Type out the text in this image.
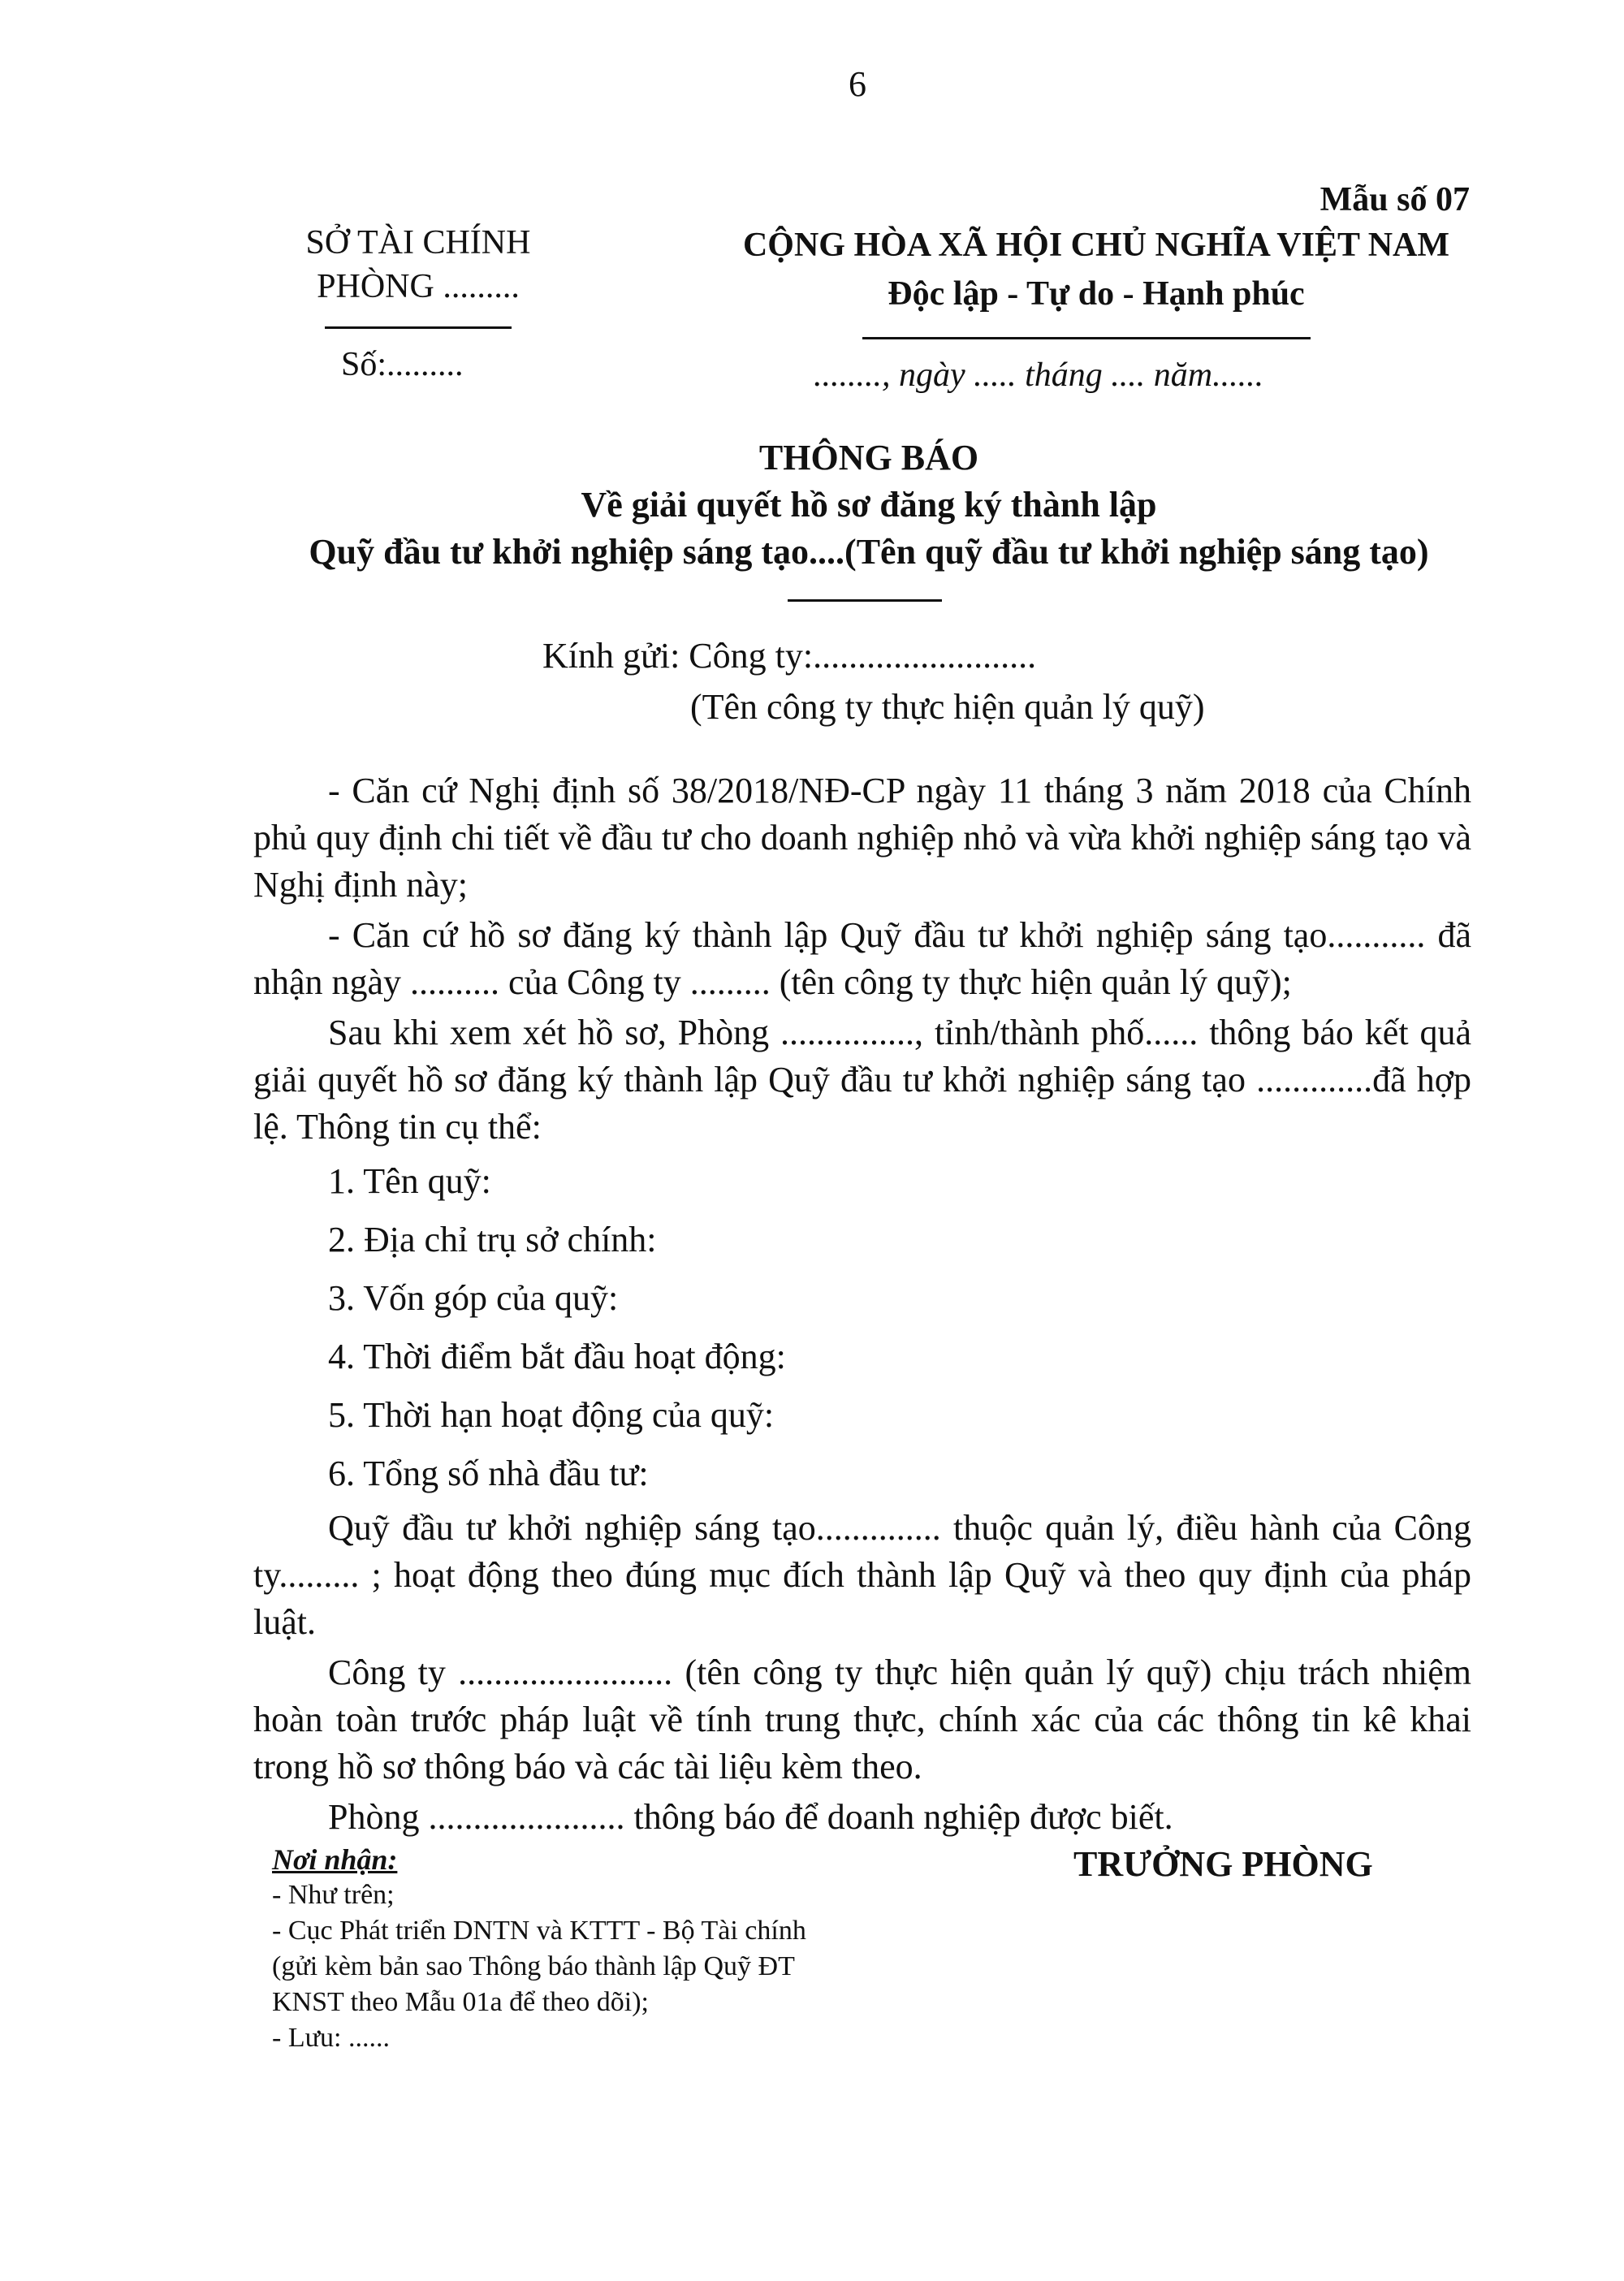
6
Mẫu số 07
SỞ TÀI CHÍNH
PHÒNG .........
Số:.........
CỘNG HÒA XÃ HỘI CHỦ NGHĨA VIỆT NAM
Độc lập - Tự do - Hạnh phúc
........, ngày ..... tháng .... năm......
THÔNG BÁO
Về giải quyết hồ sơ đăng ký thành lập
Quỹ đầu tư khởi nghiệp sáng tạo....(Tên quỹ đầu tư khởi nghiệp sáng tạo)
Kính gửi: Công ty:.........................
(Tên công ty thực hiện quản lý quỹ)

- Căn cứ Nghị định số 38/2018/NĐ-CP ngày 11 tháng 3 năm 2018 của Chính phủ quy định chi tiết về đầu tư cho doanh nghiệp nhỏ và vừa khởi nghiệp sáng tạo và Nghị định này;

- Căn cứ hồ sơ đăng ký thành lập Quỹ đầu tư khởi nghiệp sáng tạo........... đã nhận ngày .......... của Công ty ......... (tên công ty thực hiện quản lý quỹ);

Sau khi xem xét hồ sơ, Phòng ..............., tỉnh/thành phố...... thông báo kết quả giải quyết hồ sơ đăng ký thành lập Quỹ đầu tư khởi nghiệp sáng tạo .............đã hợp lệ. Thông tin cụ thể:

1. Tên quỹ:

2. Địa chỉ trụ sở chính:

3. Vốn góp của quỹ:

4. Thời điểm bắt đầu hoạt động:

5. Thời hạn hoạt động của quỹ:

6. Tổng số nhà đầu tư:

Quỹ đầu tư khởi nghiệp sáng tạo.............. thuộc quản lý, điều hành của Công ty......... ; hoạt động theo đúng mục đích thành lập Quỹ và theo quy định của pháp luật.

Công ty ........................ (tên công ty thực hiện quản lý quỹ) chịu trách nhiệm hoàn toàn trước pháp luật về tính trung thực, chính xác của các thông tin kê khai trong hồ sơ thông báo và các tài liệu kèm theo.

Phòng ...................... thông báo để doanh nghiệp được biết.

Nơi nhận:
- Như trên;
- Cục Phát triển DNTN và KTTT - Bộ Tài chính
(gửi kèm bản sao Thông báo thành lập Quỹ ĐT
KNST theo Mẫu 01a để theo dõi);
- Lưu: ......
TRƯỞNG PHÒNG
